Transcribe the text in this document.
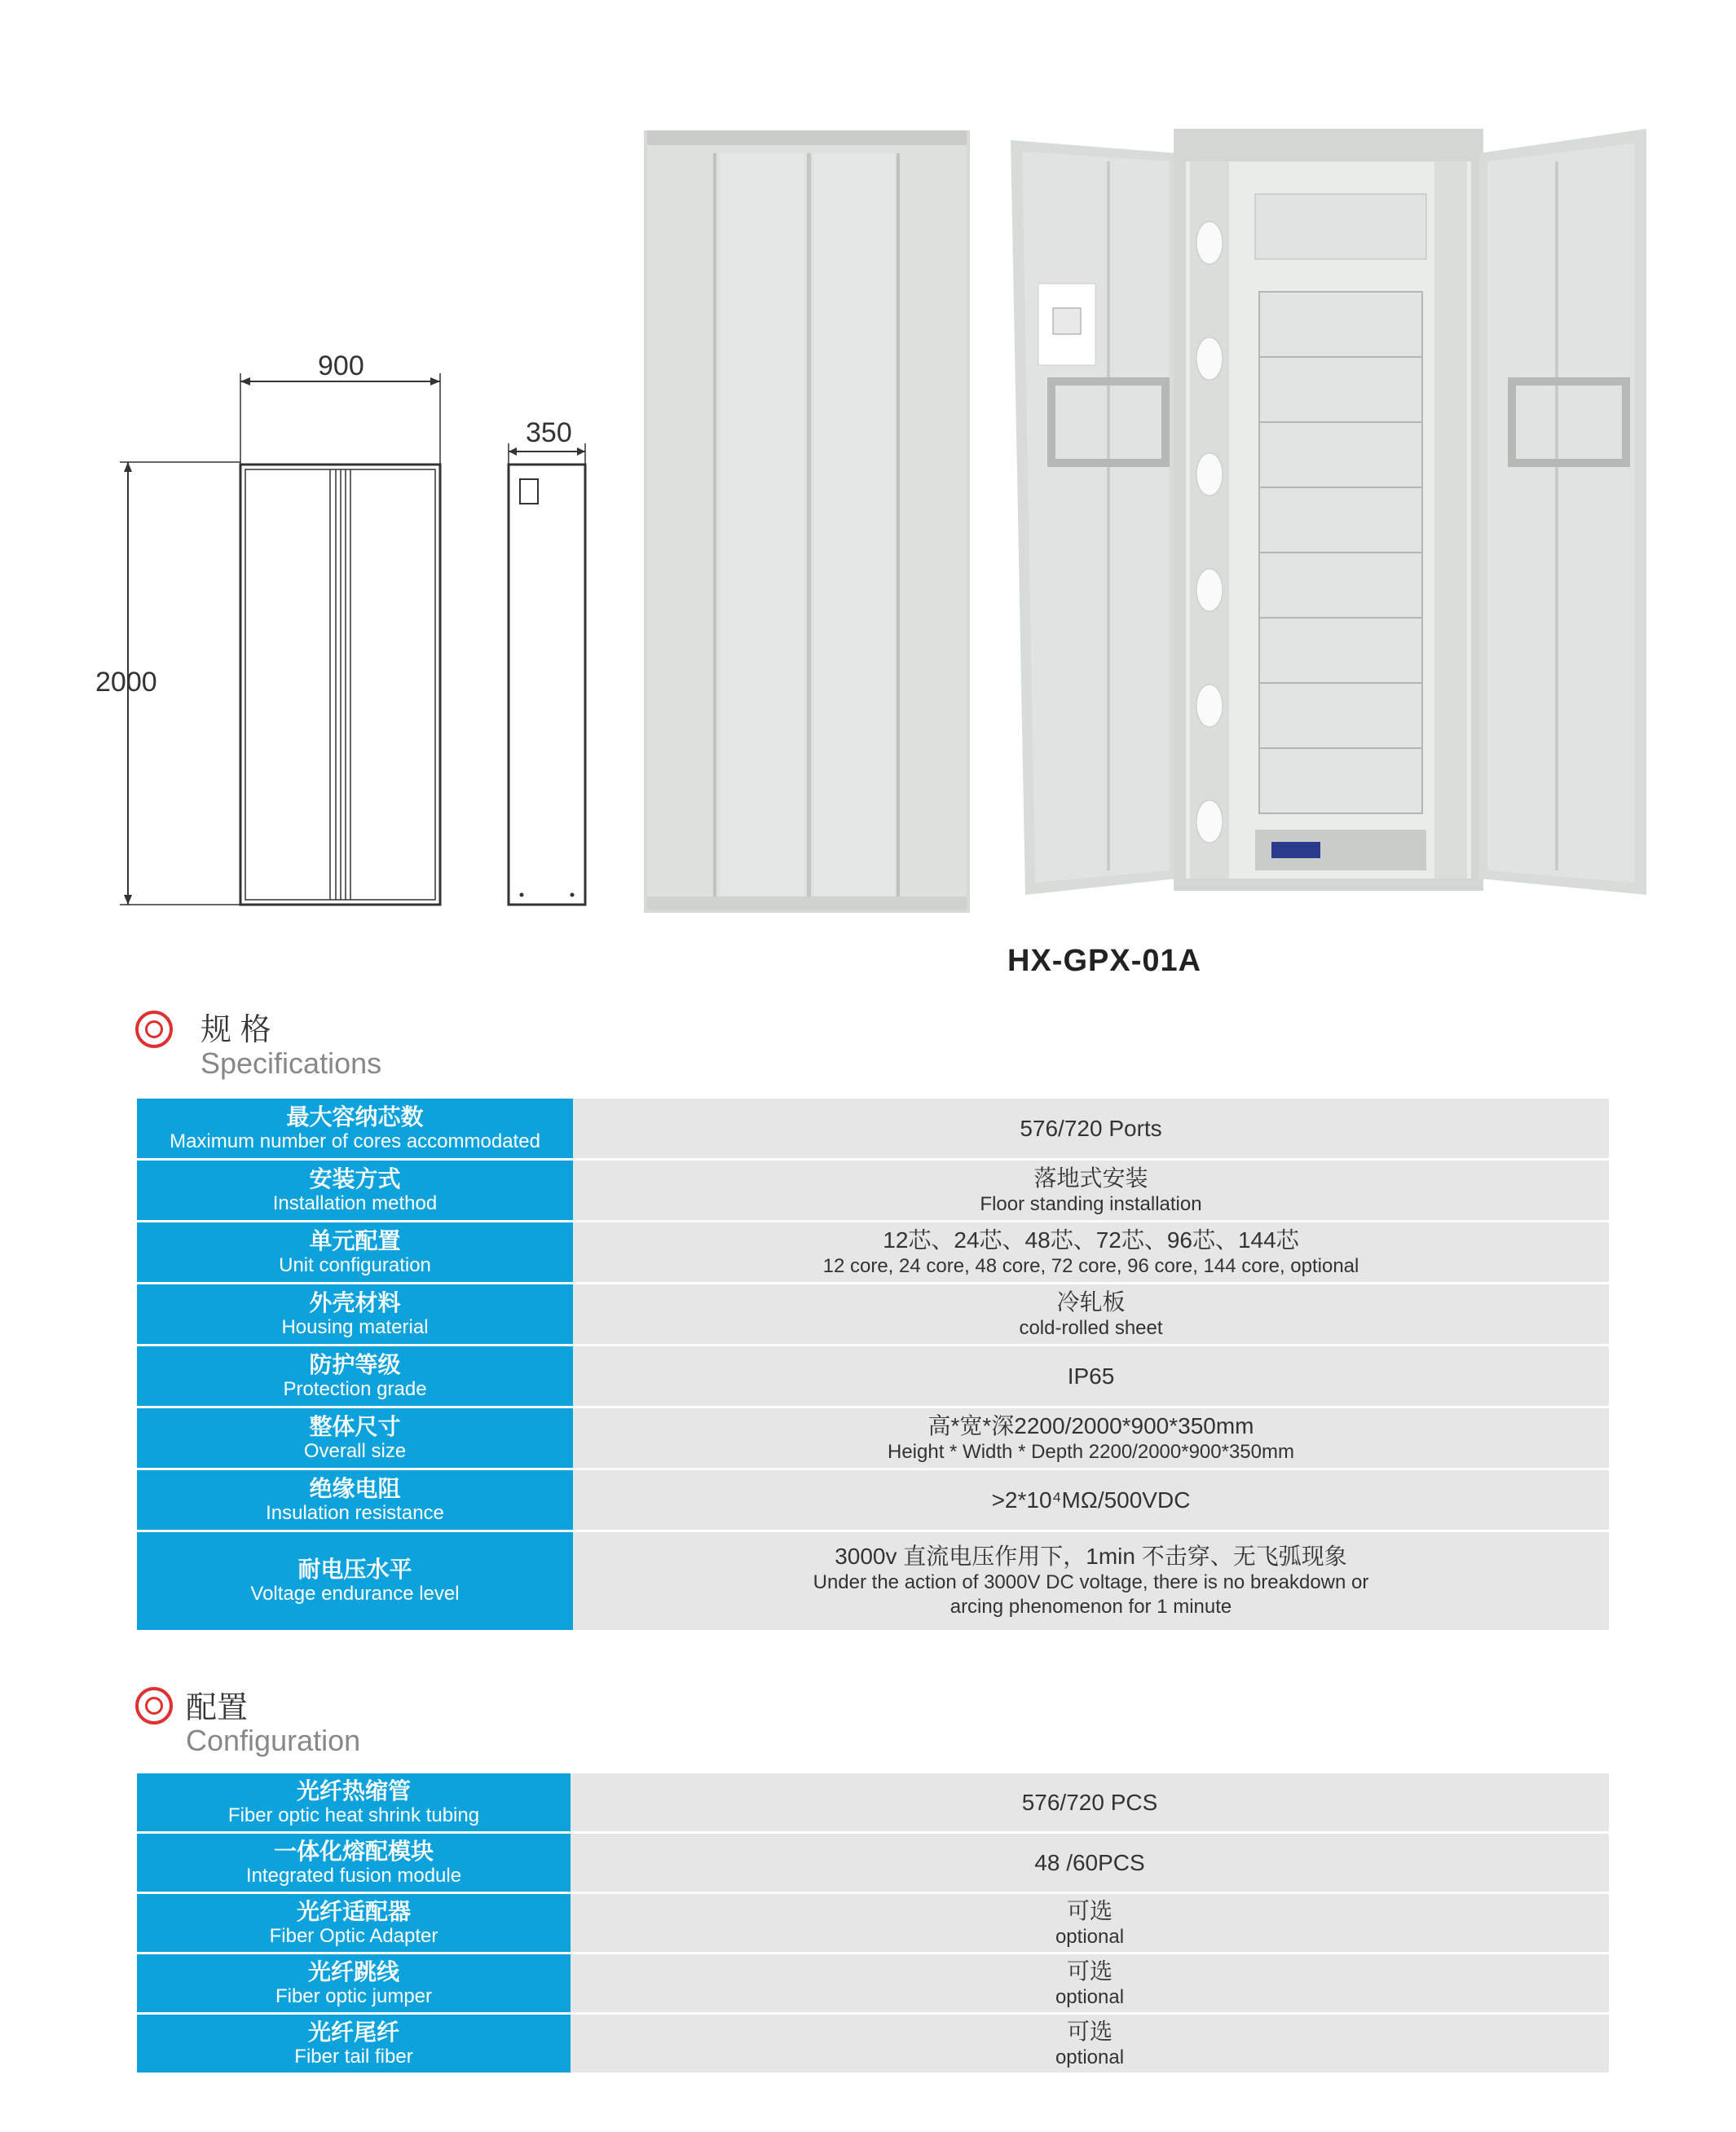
900
350
2000
HX-GPX-01A
规 格
Specifications
最大容纳芯数
Maximum number of cores accommodated	576/720 Ports

安装方式
Installation method	落地式安装
Floor standing installation

单元配置
Unit configuration	12芯、24芯、48芯、72芯、96芯、144芯
12 core, 24 core, 48 core, 72 core, 96 core, 144 core, optional

外壳材料
Housing material	冷轧板
cold-rolled sheet

防护等级
Protection grade	IP65

整体尺寸
Overall size	高*宽*深2200/2000*900*350mm
Height * Width * Depth 2200/2000*900*350mm

绝缘电阻
Insulation resistance	>2*10⁴MΩ/500VDC

耐电压水平
Voltage endurance level	3000v 直流电压作用下，1min 不击穿、无飞弧现象
Under the action of 3000V DC voltage, there is no breakdown or
arcing phenomenon for 1 minute
配置
Configuration
光纤热缩管
Fiber optic heat shrink tubing	576/720 PCS

一体化熔配模块
Integrated fusion module	48 /60PCS

光纤适配器
Fiber Optic Adapter	可选
optional

光纤跳线
Fiber optic jumper	可选
optional

光纤尾纤
Fiber tail fiber	可选
optional
